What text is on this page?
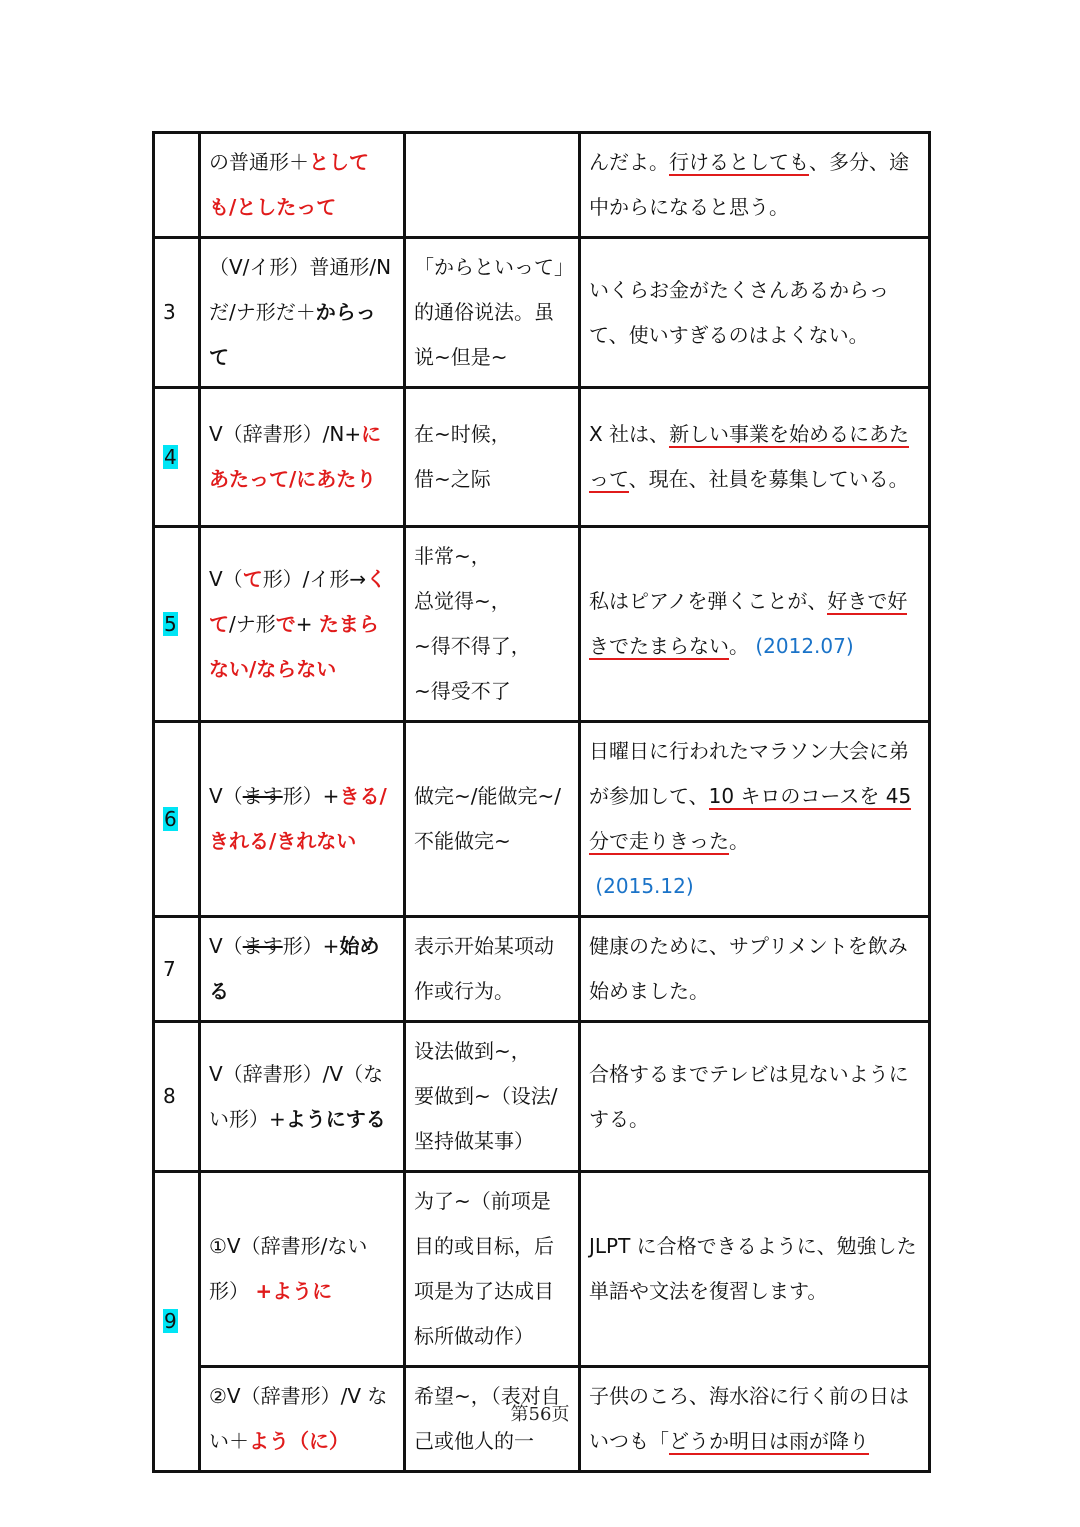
	の普通形＋としても/としたって		んだよ。行けるとしても、多分、途中からになると思う。
3	（V/イ形）普通形/N だ/ナ形だ＋からって	「からといって」的通俗说法。虽说~但是~	いくらお金がたくさんあるからって、使いすぎるのはよくない。
4	V（辞書形）/N+にあたって/にあたり	在~时候，
借~之际	X 社は、新しい事業を始めるにあたって、現在、社員を募集している。
5	V（て形）/イ形→くて/ナ形で+ たまらない/ならない	非常~，
总觉得~，
~得不得了，
~得受不了	私はピアノを弾くことが、好きで好きでたまらない。 (2012.07)
6	V（ます形）+きる/きれる/きれない	做完~/能做完~/不能做完~	日曜日に行われたマラソン大会に弟が参加して、10 キロのコースを 45 分で走りきった。
(2015.12)
7	V（ます形）+始める	表示开始某项动作或行为。	健康のために、サプリメントを飲み始めました。
8	V（辞書形）/V（ない形）+ようにする	设法做到~，
要做到~（设法/坚持做某事）	合格するまでテレビは見ないようにする。
9	①V（辞書形/ない形） +ように	为了~（前项是目的或目标，后项是为了达成目标所做动作）	JLPT に合格できるように、勉強した単語や文法を復習します。
	②V（辞書形）/V ない＋よう（に）	希望~，（表对自己或他人的一	子供のころ、海水浴に行く前の日はいつも「どうか明日は雨が降り
第56页
